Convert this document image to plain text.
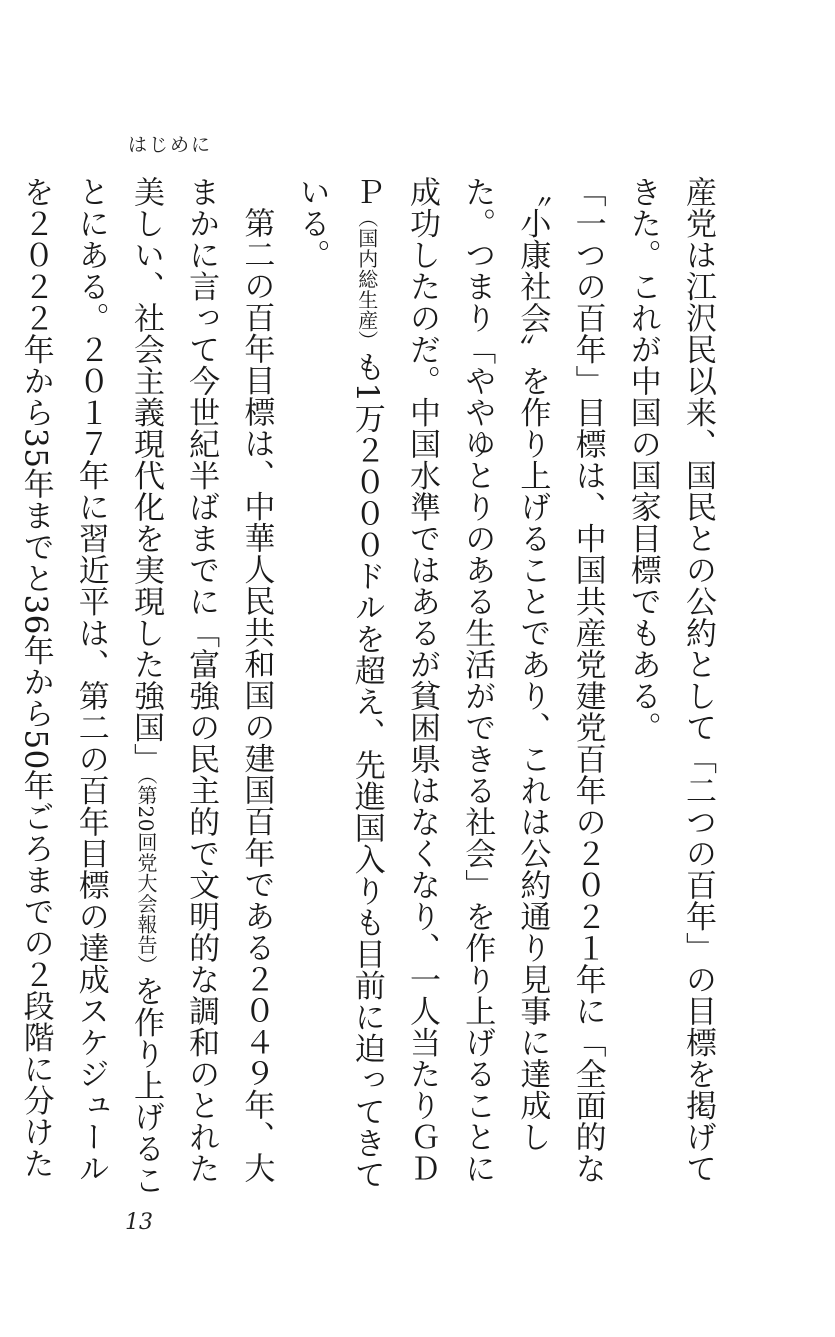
はじめに

産党は江沢民以来、国民との公約として「二つの百年」の目標を掲げてきた。これが中国の国家目標でもある。

「一つの百年」目標は、中国共産党建党百年の２０２１年に「全面的な〝小康社会〟を作り上げることであり、これは公約通り見事に達成した。つまり「ややゆとりのある生活ができる社会」を作り上げることに成功したのだ。中国水準ではあるが貧困県はなくなり、一人当たりＧＤＰ（国内総生産）も1万２０００ドルを超え、先進国入りも目前に迫ってきている。

第二の百年目標は、中華人民共和国の建国百年である２０４９年、大まかに言って今世紀半ばまでに「富強の民主的で文明的な調和のとれた美しい、社会主義現代化を実現した強国」（第20回党大会報告）を作り上げることにある。２０１７年に習近平は、第二の百年目標の達成スケジュールを２０２２年から35年までと36年から50年ごろまでの２段階に分けた

13
